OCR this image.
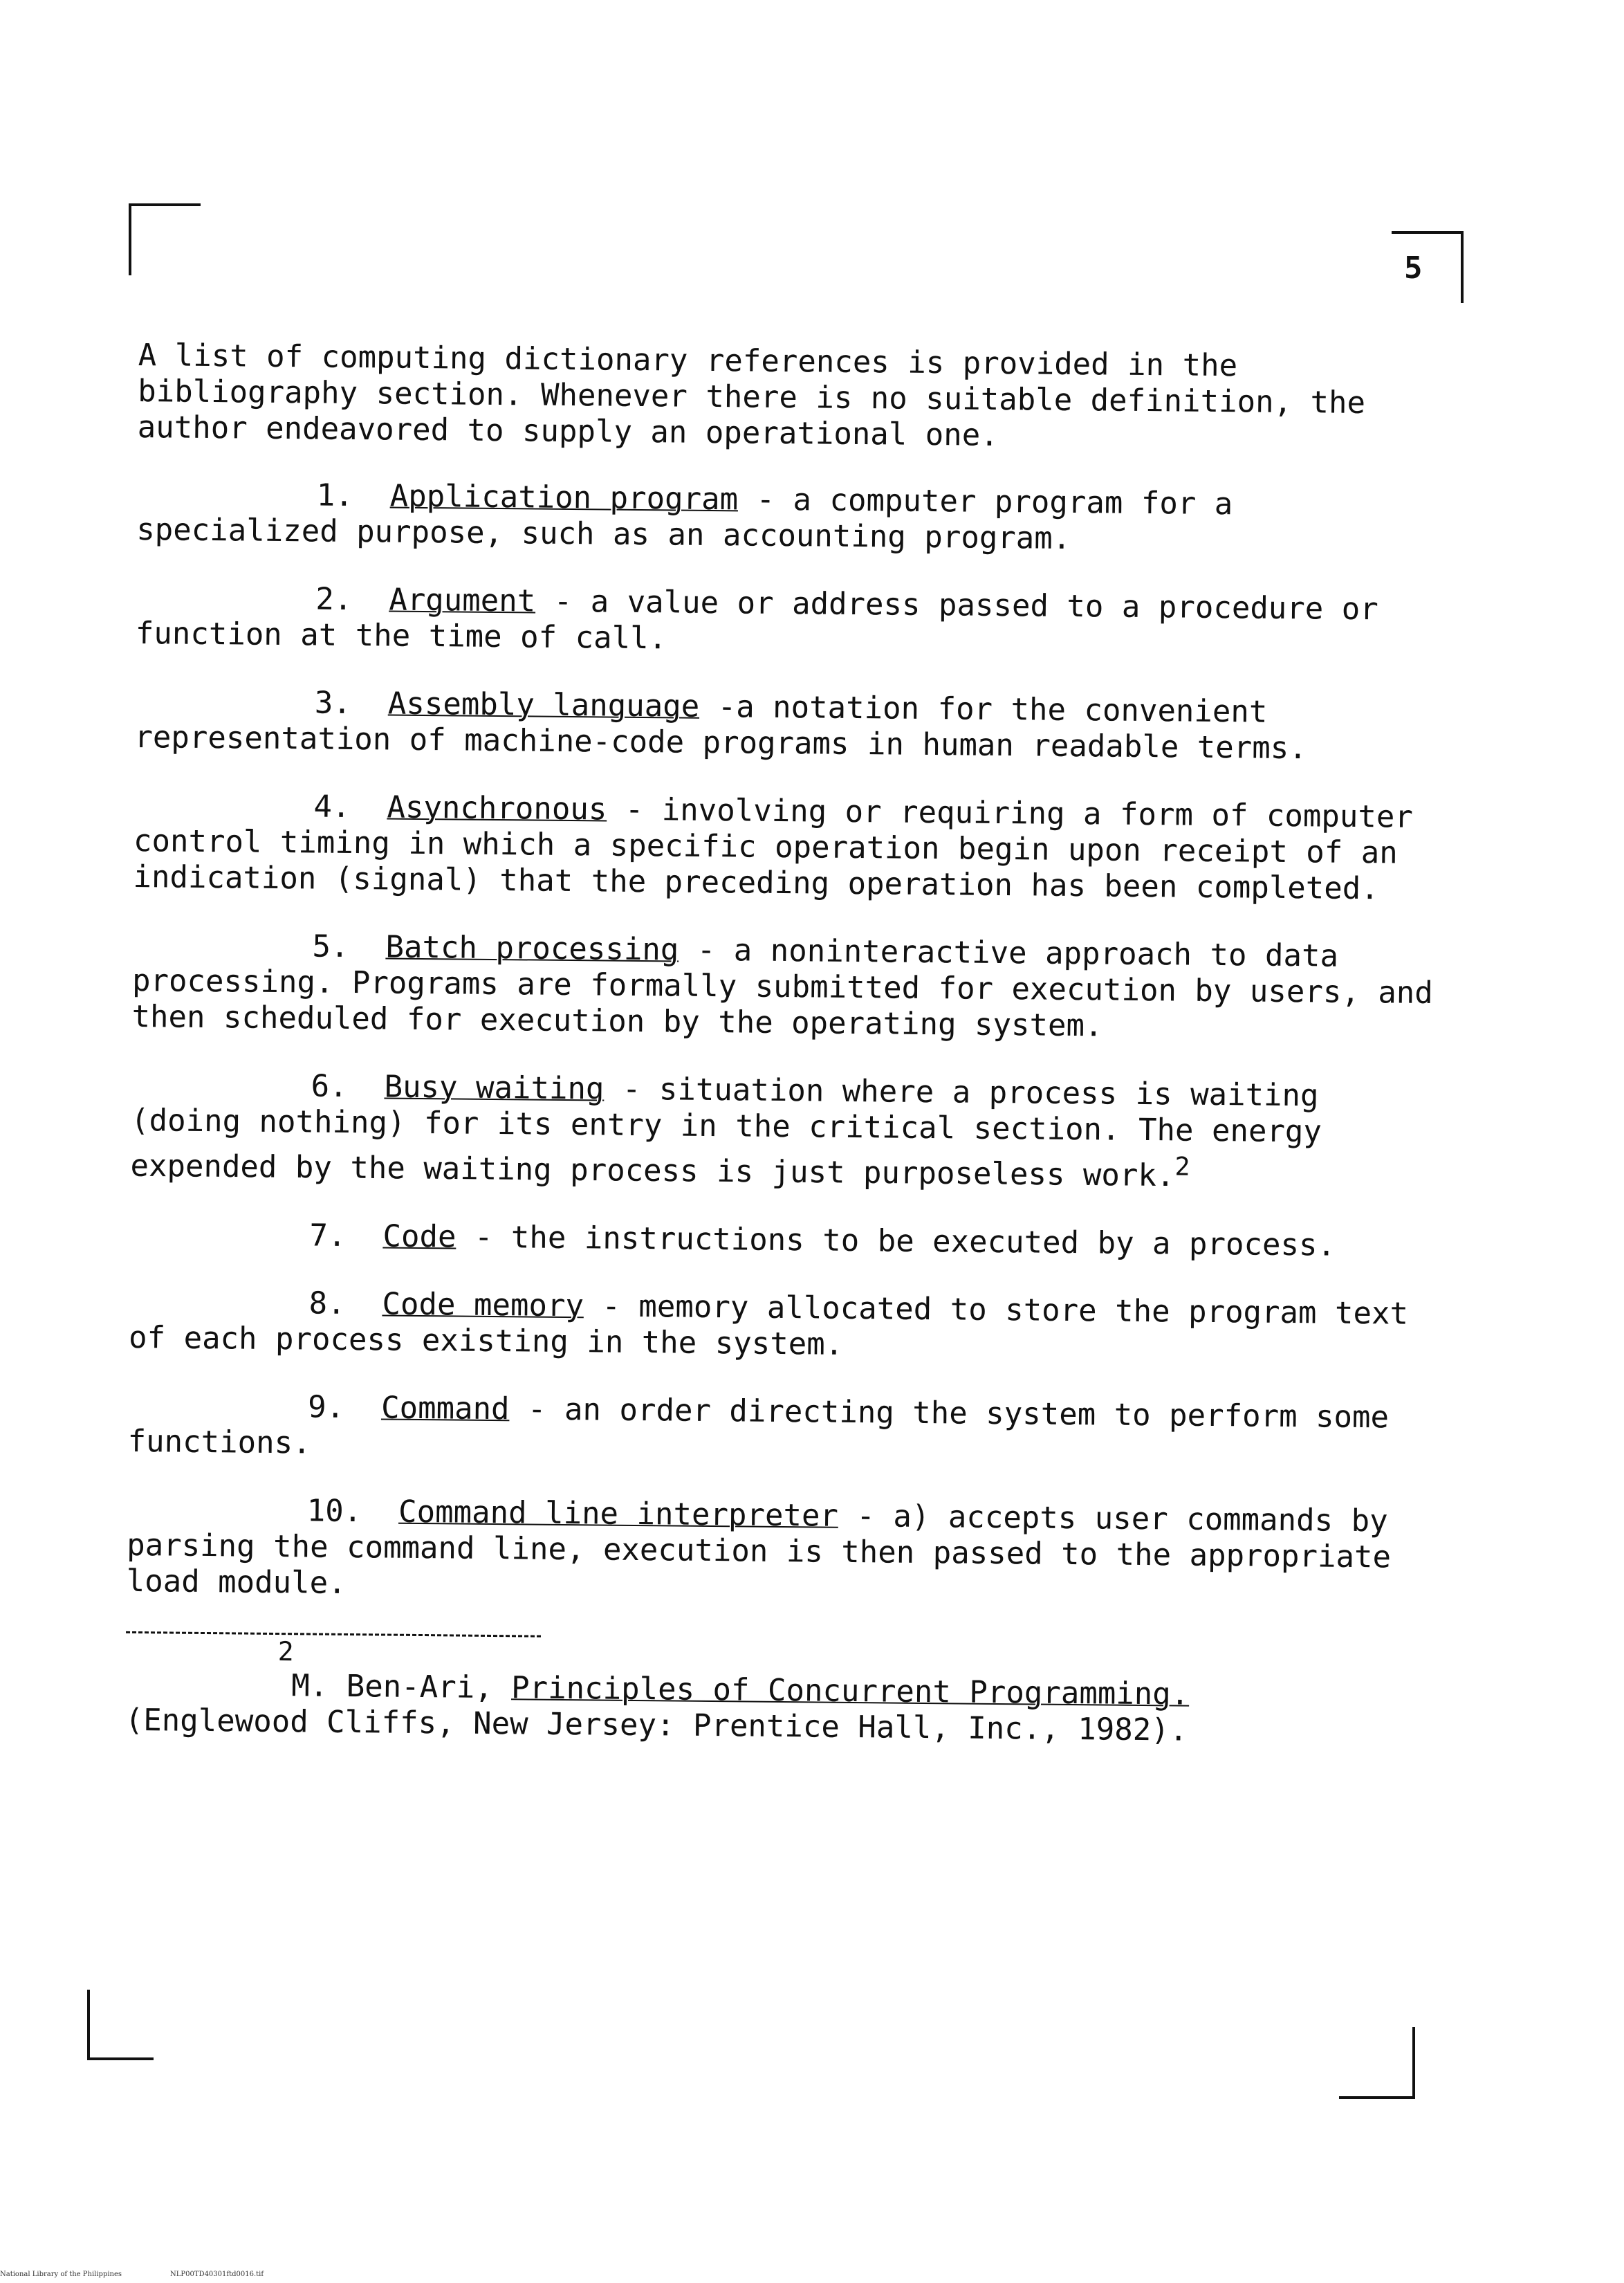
5

A list of computing dictionary references is provided in the bibliography section. Whenever there is no suitable definition, the author endeavored to supply an operational one.

1. Application program - a computer program for a specialized purpose, such as an accounting program.
2. Argument - a value or address passed to a procedure or function at the time of call.
3. Assembly language -a notation for the convenient representation of machine-code programs in human readable terms.
4. Asynchronous - involving or requiring a form of computer control timing in which a specific operation begin upon receipt of an indication (signal) that the preceding operation has been completed.
5. Batch processing - a noninteractive approach to data processing. Programs are formally submitted for execution by users, and then scheduled for execution by the operating system.
6. Busy waiting - situation where a process is waiting (doing nothing) for its entry in the critical section. The energy expended by the waiting process is just purposeless work.$^2$
7. Code - the instructions to be executed by a process.
8. Code memory - memory allocated to store the program text of each process existing in the system.
9. Command - an order directing the system to perform some functions.
10. Command line interpreter - a) accepts user commands by parsing the command line, execution is then passed to the appropriate load module.
2
M. Ben-Ari, Principles of Concurrent Programming.
(Englewood Cliffs, New Jersey: Prentice Hall, Inc., 1982).
National Library of the Philippines	NLP00TD40301ftd0016.tif
